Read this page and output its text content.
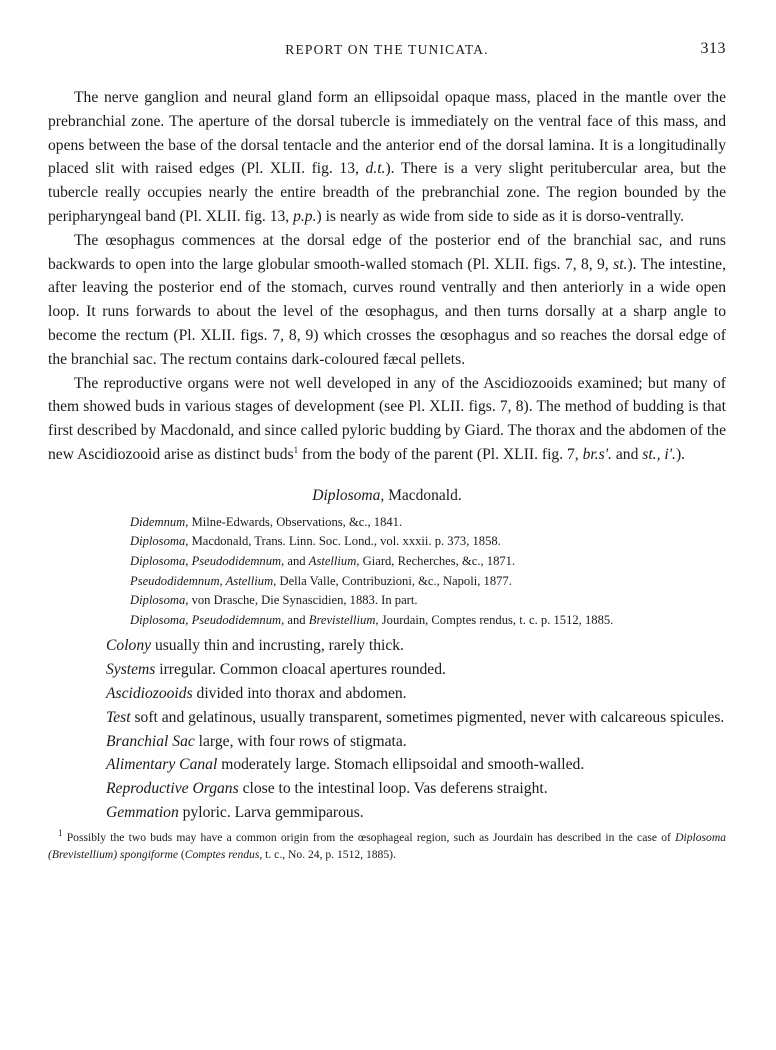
REPORT ON THE TUNICATA.	313

The nerve ganglion and neural gland form an ellipsoidal opaque mass, placed in the mantle over the prebranchial zone. The aperture of the dorsal tubercle is immediately on the ventral face of this mass, and opens between the base of the dorsal tentacle and the anterior end of the dorsal lamina. It is a longitudinally placed slit with raised edges (Pl. XLII. fig. 13, d.t.). There is a very slight peritubercular area, but the tubercle really occupies nearly the entire breadth of the prebranchial zone. The region bounded by the peripharyngeal band (Pl. XLII. fig. 13, p.p.) is nearly as wide from side to side as it is dorso-ventrally.

The œsophagus commences at the dorsal edge of the posterior end of the branchial sac, and runs backwards to open into the large globular smooth-walled stomach (Pl. XLII. figs. 7, 8, 9, st.). The intestine, after leaving the posterior end of the stomach, curves round ventrally and then anteriorly in a wide open loop. It runs forwards to about the level of the œsophagus, and then turns dorsally at a sharp angle to become the rectum (Pl. XLII. figs. 7, 8, 9) which crosses the œsophagus and so reaches the dorsal edge of the branchial sac. The rectum contains dark-coloured fæcal pellets.

The reproductive organs were not well developed in any of the Ascidiozooids examined; but many of them showed buds in various stages of development (see Pl. XLII. figs. 7, 8). The method of budding is that first described by Macdonald, and since called pyloric budding by Giard. The thorax and the abdomen of the new Ascidiozooid arise as distinct buds$^1$ from the body of the parent (Pl. XLII. fig. 7, br.s'. and st., i'.).

Diplosoma, Macdonald.
Didemnum, Milne-Edwards, Observations, &c., 1841.
Diplosoma, Macdonald, Trans. Linn. Soc. Lond., vol. xxxii. p. 373, 1858.
Diplosoma, Pseudodidemnum, and Astellium, Giard, Recherches, &c., 1871.
Pseudodidemnum, Astellium, Della Valle, Contribuzioni, &c., Napoli, 1877.
Diplosoma, von Drasche, Die Synascidien, 1883. In part.
Diplosoma, Pseudodidemnum, and Brevistellium, Jourdain, Comptes rendus, t. c. p. 1512, 1885.
Colony usually thin and incrusting, rarely thick.
Systems irregular. Common cloacal apertures rounded.
Ascidiozooids divided into thorax and abdomen.
Test soft and gelatinous, usually transparent, sometimes pigmented, never with calcareous spicules.
Branchial Sac large, with four rows of stigmata.
Alimentary Canal moderately large. Stomach ellipsoidal and smooth-walled.
Reproductive Organs close to the intestinal loop. Vas deferens straight.
Gemmation pyloric. Larva gemmiparous.
$^1$ Possibly the two buds may have a common origin from the œsophageal region, such as Jourdain has described in the case of Diplosoma (Brevistellium) spongiforme (Comptes rendus, t. c., No. 24, p. 1512, 1885).
